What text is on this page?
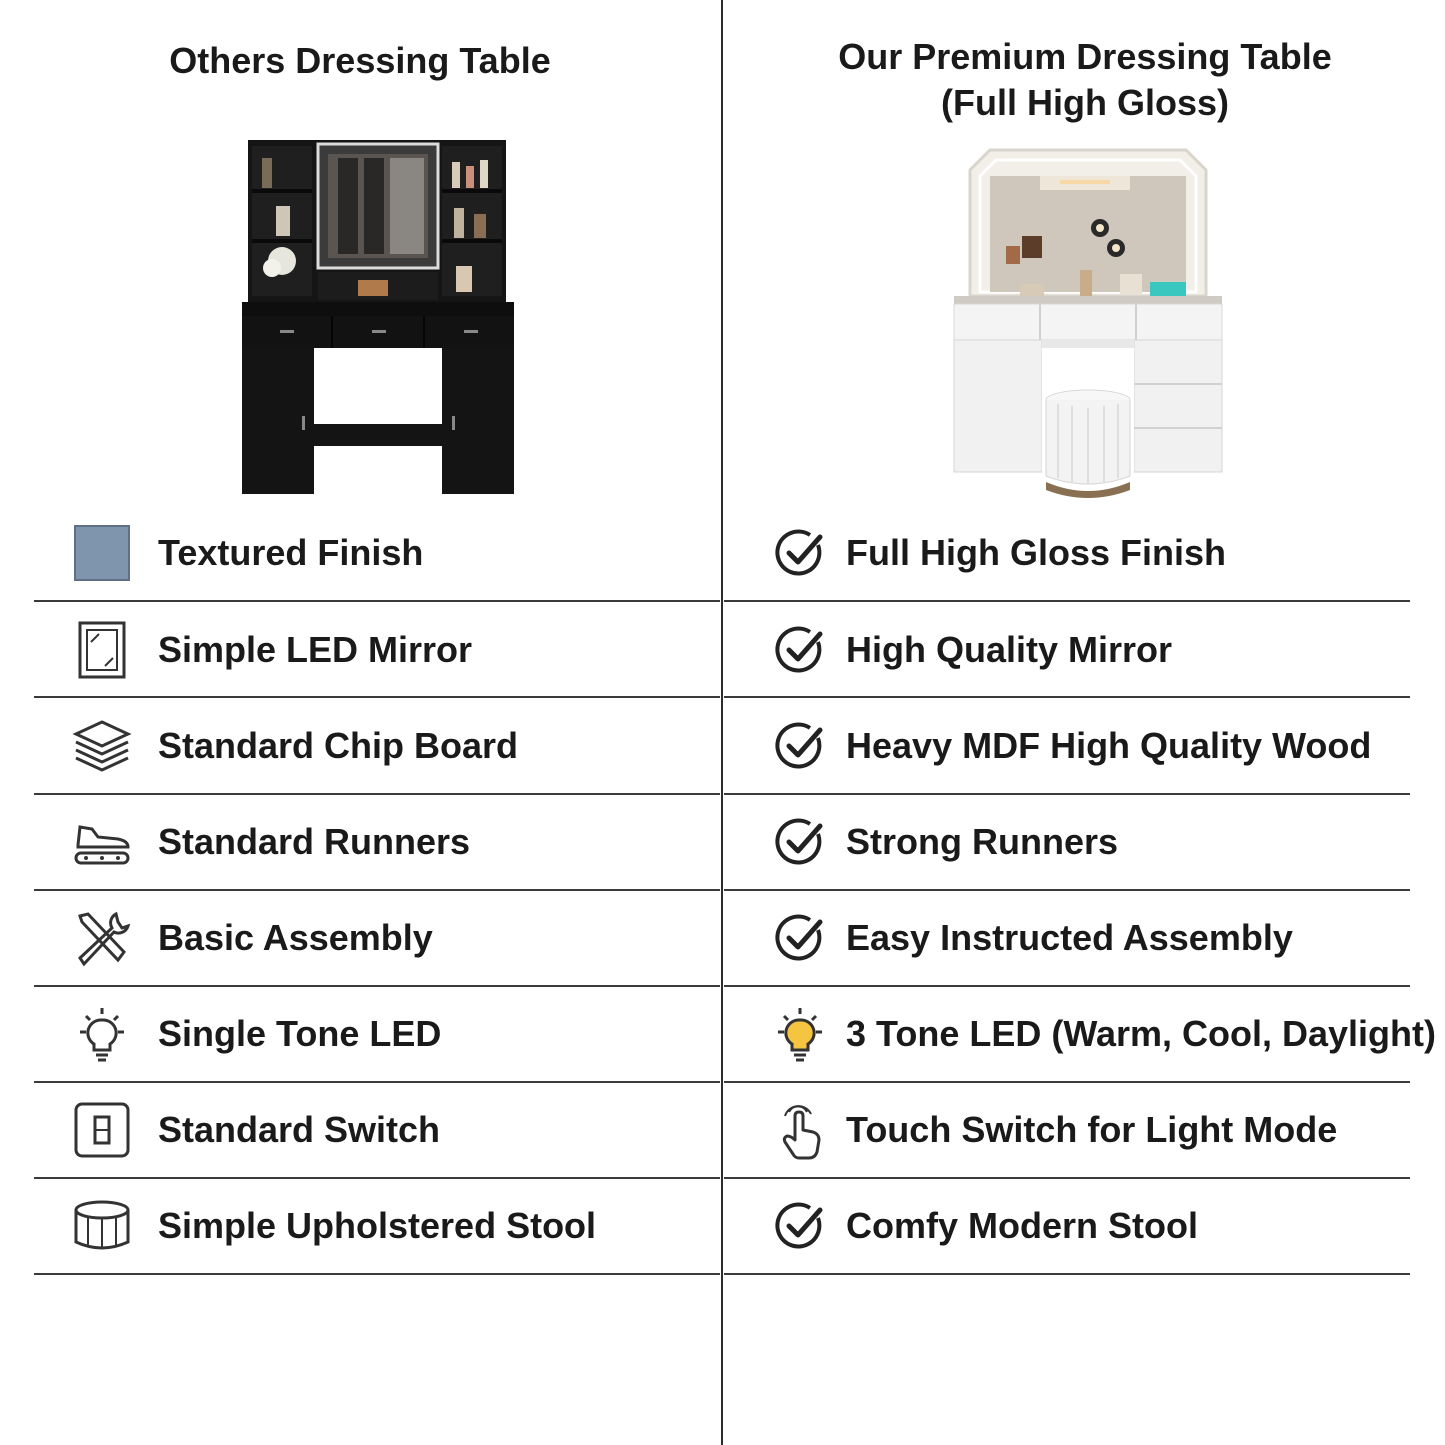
Others Dressing Table	Our Premium Dressing Table
(Full High Gloss)
Textured Finish
Simple LED Mirror
Standard Chip Board
Standard Runners
Basic Assembly
Single Tone LED
Standard Switch
Simple Upholstered Stool
Full High Gloss Finish
High Quality Mirror
Heavy MDF High Quality Wood
Strong Runners
Easy Instructed Assembly
3 Tone LED (Warm, Cool, Daylight)
Touch Switch for Light Mode
Comfy Modern Stool
